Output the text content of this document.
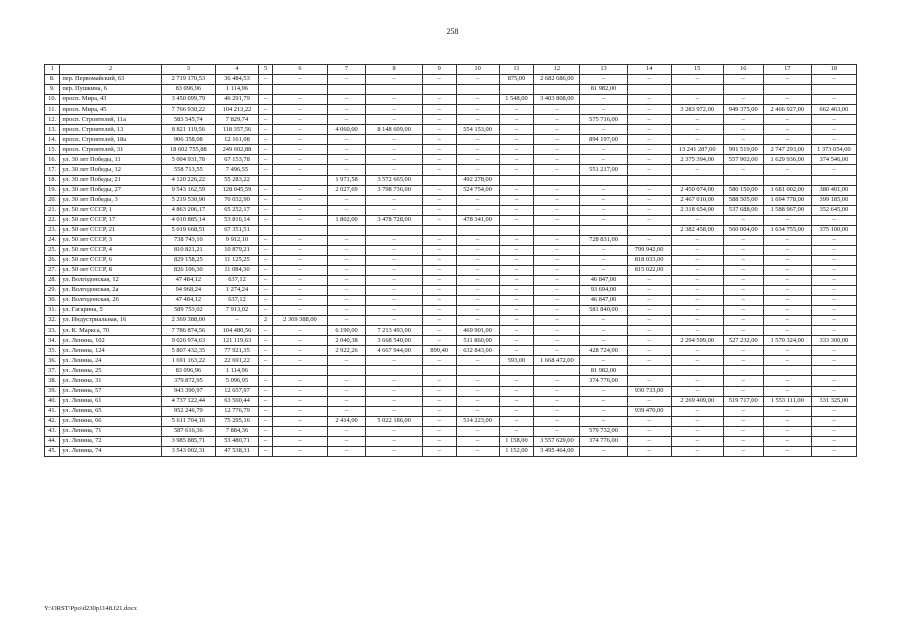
258
1	2	3	4	5	6	7	8	9	10	11	12	13	14	15	16	17	18
8.	пер. Первомайский, 63	2 719 170,53	36 484,53	–	–	–	–	–	–	875,00	2 682 686,00	–	–	–	–	–	–
9.	пер. Пушкина, 6	83 096,96	1 114,96									81 982,00					
10.	просп. Мира, 43	3 450 099,79	46 291,79	–	–	–	–	–	–	1 548,00	3 403 808,00	–	–	–	–	–	–
11.	просп. Мира, 45	7 766 930,22	104 213,22	–	–	–	–	–	–	–	–	–	–	3 283 972,00	949 375,00	2 466 927,00	662 463,00
12.	просп. Строителей, 11а	583 545,74	7 829,74	–	–	–	–	–	–	–	–	575 716,00	–	–	–	–	–
13.	просп. Строителей, 13	8 821 119,56	118 357,56	–	–	4 060,00	8 148 609,00	–	554 153,00	–	–	–	–	–	–	–	–
14.	просп. Строителей, 18а	906 358,08	12 161,08	–	–	–	–	–	–	–	–	894 197,00	–	–	–	–	–
15.	просп. Строителей, 31	18 602 755,88	249 602,88	–	–	–	–	–	–	–	–	–	–	13 241 287,00	991 519,00	2 747 293,00	1 373 054,00
16.	ул. 30 лет Победы, 11	5 004 931,78	67 153,78	–	–	–	–	–	–	–	–	–	–	2 375 394,00	557 902,00	1 629 936,00	374 546,00
17.	ул. 30 лет Победы, 12	558 713,55	7 496,55	–	–	–	–	–	–	–	–	551 217,00	–	–	–	–	–
18.	ул. 30 лет Победы, 21	4 120 226,22	55 283,22			1 971,58	3 572 665,00		492 278,00								
19.	ул. 30 лет Победы, 27	9 543 162,59	128 045,59	–	–	2 027,69	3 798 736,00	–	524 754,00	–	–	–	–	2 450 074,00	580 150,00	1 681 002,00	380 401,00
20.	ул. 30 лет Победы, 3	5 219 530,90	70 032,90	–	–	–	–	–	–	–	–	–	–	2 467 010,00	588 505,00	1 694 778,00	399 185,00
21.	ул. 50 лет СССР, 1	4 863 206,17	65 252,17	–	–	–	–	–	–	–	–	–	–	2 318 654,00	537 688,00	1 588 967,00	352 645,00
22.	ул. 50 лет СССР, 17	4 010 885,14	53 816,14	–	–	1 802,00	3 478 728,00	–	478 341,00	–	–	–	–	–	–	–	–
23.	ул. 50 лет СССР, 21	5 019 668,51	67 351,51											2 382 458,00	560 004,00	1 634 755,00	375 100,00
24.	ул. 50 лет СССР, 3	738 743,10	9 912,10	–	–	–	–	–	–	–	–	728 831,00	–	–	–	–	–
25.	ул. 50 лет СССР, 4	810 821,21	10 879,21	–	–	–	–	–	–	–	–	–	799 942,00	–	–	–	–
26.	ул. 50 лет СССР, 6	829 158,25	11 125,25	–	–	–	–	–	–	–	–	–	818 033,00	–	–	–	–
27.	ул. 50 лет СССР, 8	826 106,30	11 084,30	–	–	–	–	–	–	–	–	–	815 022,00	–	–	–	–
28.	ул. Волгодонская, 12	47 484,12	637,12	–	–	–	–	–	–	–	–	46 847,00	–	–	–	–	–
29.	ул. Волгодонская, 2а	94 968,24	1 274,24	–	–	–	–	–	–	–	–	93 694,00	–	–	–	–	–
30.	ул. Волгодонская, 26	47 484,12	637,12	–	–	–	–	–	–	–	–	46 847,00	–	–	–	–	–
31.	ул. Гагарина, 5	589 753,02	7 913,02	–	–	–	–	–	–	–	–	581 840,00	–	–	–	–	–
32.	ул. Индустриальная, 16	2 369 388,00	–	2	2 369 388,00	–	–	–	–	–	–	–	–	–	–	–	–
33.	ул. К. Маркса, 70	7 786 874,56	104 480,56	–	–	6 190,00	7 213 493,00	–	469 901,00	–	–	–	–	–	–	–	–
34.	ул. Ленина, 102	9 026 974,63	121 119,63	–	–	2 040,38	3 668 540,00	–	511 860,00	–	–	–	–	2 294 599,00	527 232,00	1 570 324,00	333 300,00
35.	ул. Ленина, 124	5 807 432,35	77 921,35	–	–	2 922,26	4 667 944,00	899,40	632 843,00	–	–	428 724,00	–	–	–	–	–
36.	ул. Ленина, 24	1 691 163,22	22 691,22	–	–	–	–	–	–	593,00	1 668 472,00	–	–	–	–	–	–
37.	ул. Ленина, 25	83 096,96	1 114,96									81 982,00					
38.	ул. Ленина, 31	379 872,95	5 096,95	–	–	–	–	–	–	–	–	374 776,00	–	–	–	–	–
39.	ул. Ленина, 57	943 390,97	12 657,97	–	–	–	–	–	–	–	–	–	930 733,00	–	–	–	–
40.	ул. Ленина, 61	4 737 122,44	63 560,44	–	–	–	–	–	–	–	–	–	–	2 269 409,00	519 717,00	1 553 111,00	331 325,00
41.	ул. Ленина, 65	952 246,79	12 776,79	–	–	–	–	–	–	–	–	–	939 470,00	–	–	–	–
42.	ул. Ленина, 66	5 611 704,16	75 295,16	–	–	2 414,00	5 022 186,00	–	514 223,00	–	–	–	–	–	–	–	–
43.	ул. Ленина, 71	587 616,36	7 884,36	–	–	–	–	–	–	–	–	579 732,00	–	–	–	–	–
44.	ул. Ленина, 72	3 985 885,71	53 480,71	–	–	–	–	–	–	1 158,00	3 557 629,00	374 776,00	–	–	–	–	–
45.	ул. Ленина, 74	3 543 002,31	47 538,31	–	–	–	–	–	–	1 152,00	3 495 464,00	–	–	–	–	–	–
Y:\ORST\Ppo\d230p1148.f21.docx
